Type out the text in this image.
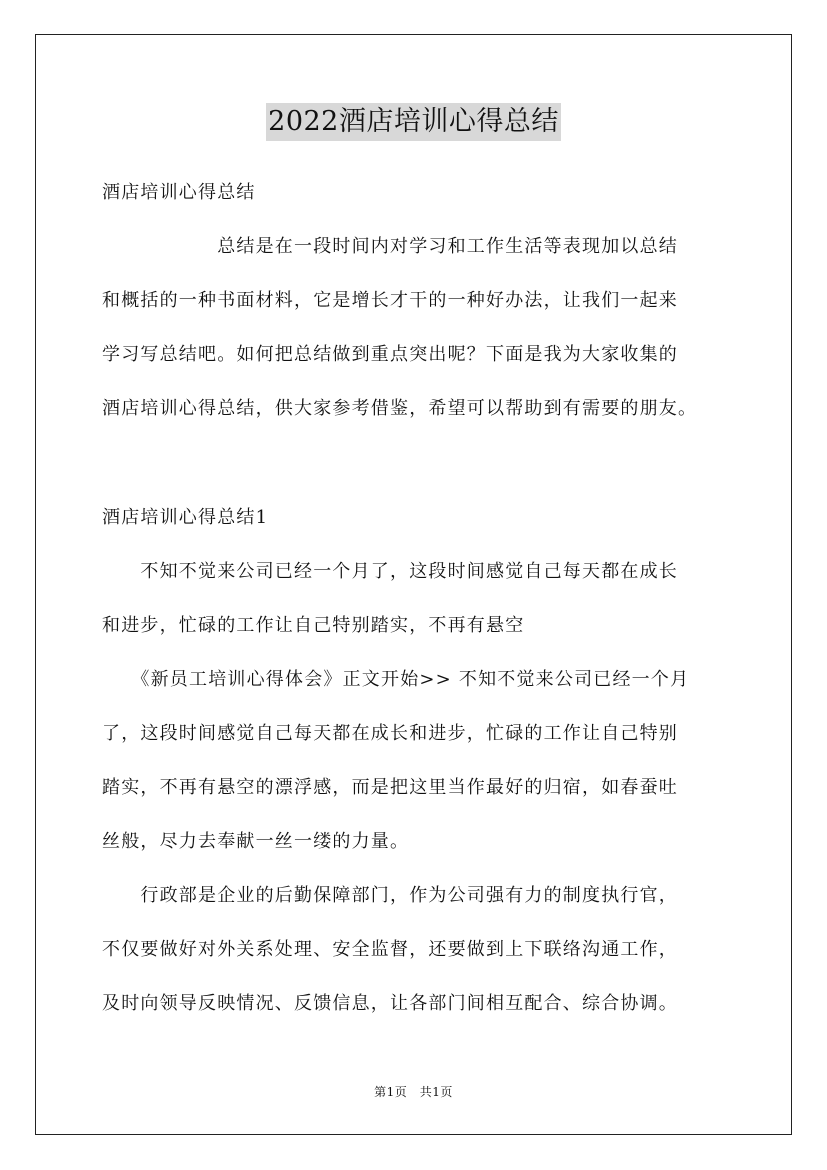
2022酒店培训心得总结
酒店培训心得总结
　　　　　　总结是在一段时间内对学习和工作生活等表现加以总结
和概括的一种书面材料，它是增长才干的一种好办法，让我们一起来
学习写总结吧。如何把总结做到重点突出呢？下面是我为大家收集的
酒店培训心得总结，供大家参考借鉴，希望可以帮助到有需要的朋友。
酒店培训心得总结1
　　不知不觉来公司已经一个月了，这段时间感觉自己每天都在成长
和进步，忙碌的工作让自己特别踏实，不再有悬空
　　《新员工培训心得体会》正文开始>> 不知不觉来公司已经一个月
了，这段时间感觉自己每天都在成长和进步，忙碌的工作让自己特别
踏实，不再有悬空的漂浮感，而是把这里当作最好的归宿，如春蚕吐
丝般，尽力去奉献一丝一缕的力量。
　　行政部是企业的后勤保障部门，作为公司强有力的制度执行官，
不仅要做好对外关系处理、安全监督，还要做到上下联络沟通工作，
及时向领导反映情况、反馈信息，让各部门间相互配合、综合协调。
第1页　共1页
